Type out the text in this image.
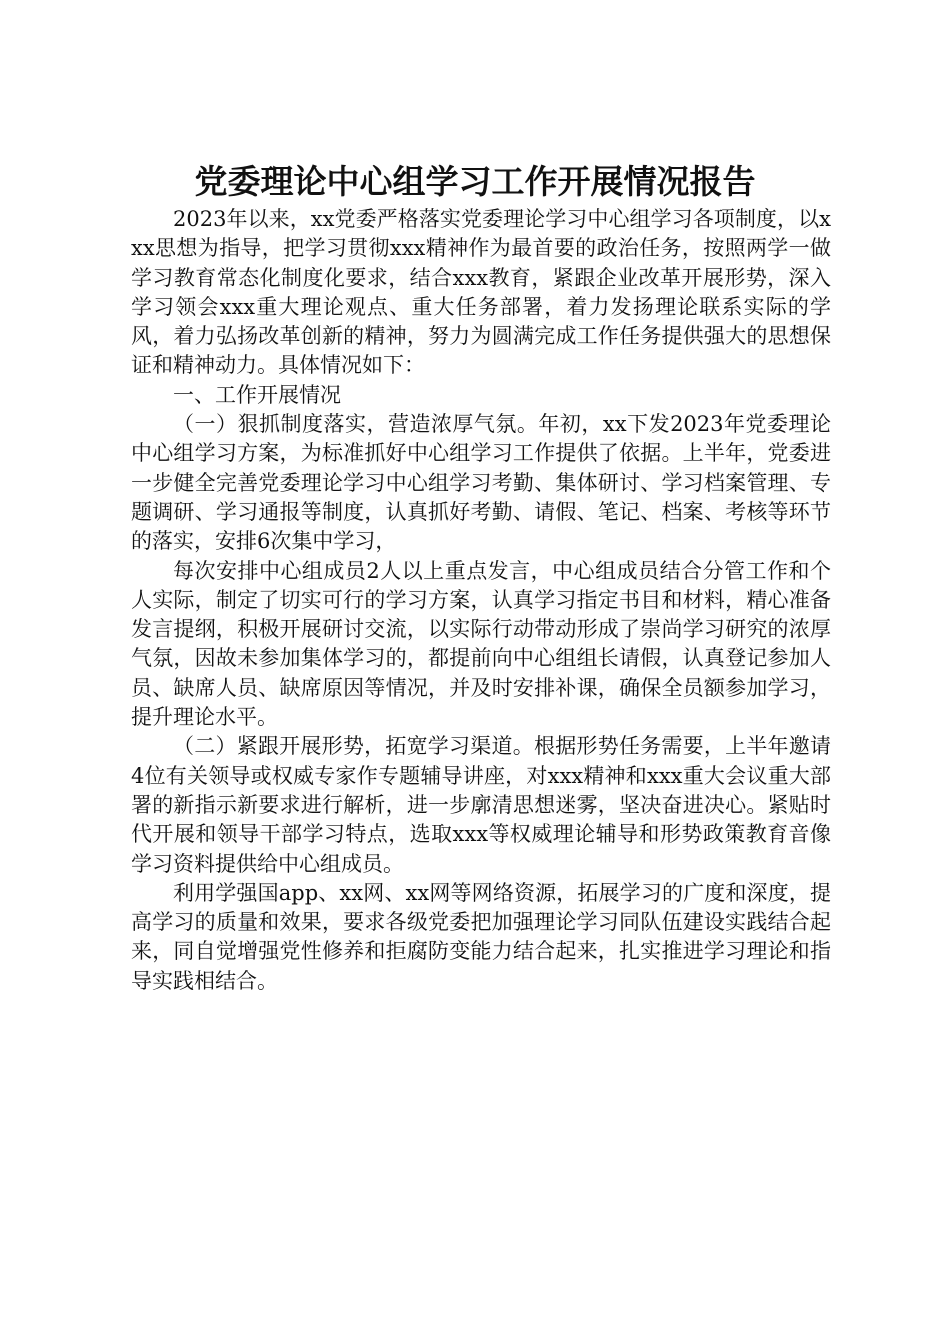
党委理论中心组学习工作开展情况报告

2023年以来，xx党委严格落实党委理论学习中心组学习各项制度，以xxx思想为指导，把学习贯彻xxx精神作为最首要的政治任务，按照两学一做学习教育常态化制度化要求，结合xxx教育，紧跟企业改革开展形势，深入学习领会xxx重大理论观点、重大任务部署，着力发扬理论联系实际的学风，着力弘扬改革创新的精神，努力为圆满完成工作任务提供强大的思想保证和精神动力。具体情况如下：

一、工作开展情况

（一）狠抓制度落实，营造浓厚气氛。年初，xx下发2023年党委理论中心组学习方案，为标准抓好中心组学习工作提供了依据。上半年，党委进一步健全完善党委理论学习中心组学习考勤、集体研讨、学习档案管理、专题调研、学习通报等制度，认真抓好考勤、请假、笔记、档案、考核等环节的落实，安排6次集中学习，

每次安排中心组成员2人以上重点发言，中心组成员结合分管工作和个人实际，制定了切实可行的学习方案，认真学习指定书目和材料，精心准备发言提纲，积极开展研讨交流，以实际行动带动形成了崇尚学习研究的浓厚气氛，因故未参加集体学习的，都提前向中心组组长请假，认真登记参加人员、缺席人员、缺席原因等情况，并及时安排补课，确保全员额参加学习，提升理论水平。

（二）紧跟开展形势，拓宽学习渠道。根据形势任务需要，上半年邀请4位有关领导或权威专家作专题辅导讲座，对xxx精神和xxx重大会议重大部署的新指示新要求进行解析，进一步廓清思想迷雾，坚决奋进决心。紧贴时代开展和领导干部学习特点，选取xxx等权威理论辅导和形势政策教育音像学习资料提供给中心组成员。

利用学强国app、xx网、xx网等网络资源，拓展学习的广度和深度，提高学习的质量和效果，要求各级党委把加强理论学习同队伍建设实践结合起来，同自觉增强党性修养和拒腐防变能力结合起来，扎实推进学习理论和指导实践相结合。
